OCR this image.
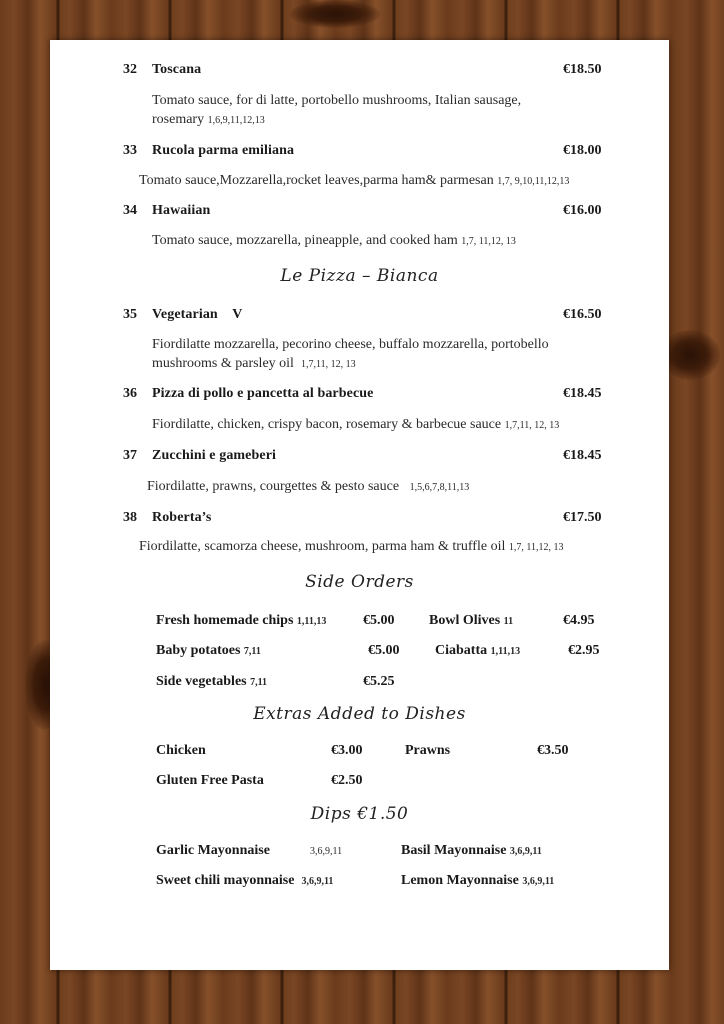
32 Toscana	€18.50
Tomato sauce, for di latte, portobello mushrooms, Italian sausage,
rosemary 1,6,9,11,12,13
33 Rucola parma emiliana	€18.00
Tomato sauce,Mozzarella,rocket leaves,parma ham& parmesan 1,7, 9,10,11,12,13
34 Hawaiian	€16.00
Tomato sauce, mozzarella, pineapple, and cooked ham 1,7, 11,12, 13
Le Pizza – Bianca
35 Vegetarian V	€16.50
Fiordilatte mozzarella, pecorino cheese, buffalo mozzarella, portobello
mushrooms & parsley oil 1,7,11, 12, 13
36 Pizza di pollo e pancetta al barbecue	€18.45
Fiordilatte, chicken, crispy bacon, rosemary & barbecue sauce 1,7,11, 12, 13
37 Zucchini e gameberi	€18.45
Fiordilatte, prawns, courgettes & pesto sauce 1,5,6,7,8,11,13
38 Roberta’s	€17.50
Fiordilatte, scamorza cheese, mushroom, parma ham & truffle oil 1,7, 11,12, 13
Side Orders
Fresh homemade chips 1,11,13	€5.00 Bowl Olives 11	€4.95
Baby potatoes 7,11	€5.00	Ciabatta 1,11,13	€2.95
Side vegetables 7,11	€5.25
Extras Added to Dishes
Chicken	€3.00	Prawns	€3.50
Gluten Free Pasta	€2.50
Dips €1.50
Garlic Mayonnaise	3,6,9,11	Basil Mayonnaise 3,6,9,11
Sweet chili mayonnaise 3,6,9,11	Lemon Mayonnaise 3,6,9,11
